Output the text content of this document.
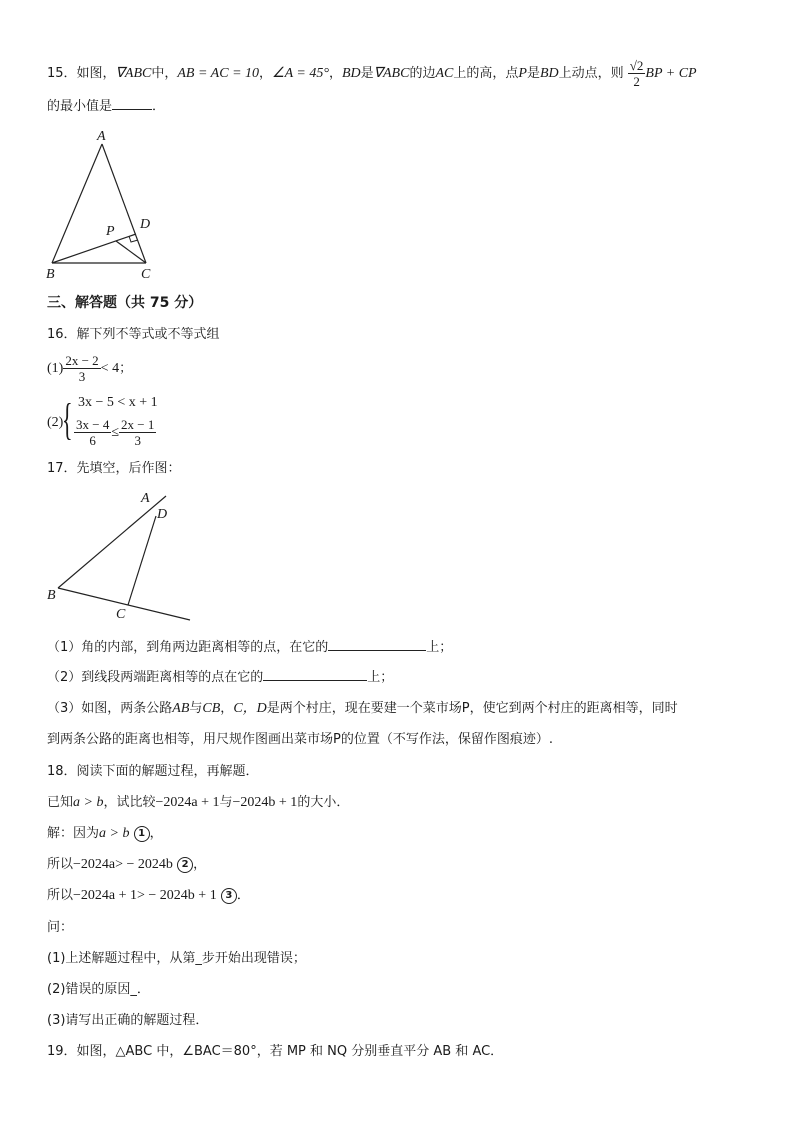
15．如图，∇ABC中，AB = AC = 10，∠A = 45°，BD是∇ABC的边AC上的高，点P是BD上动点，则 $\frac{√2}{2}$ BP + CP
的最小值是	．
A
D
P
B	C
三、解答题（共 75 分）
16．解下列不等式或不等式组
$(1) \frac{2x - 2}{3} < 4$；
(2)
{ 3x − 5 < x + 1
$\frac{3x - 4}{6} \le \frac{2x - 1}{3}$
17．先填空，后作图：
A
D
B
C
（1）角的内部，到角两边距离相等的点，在它的	上；
（2）到线段两端距离相等的点在它的	上；
（3）如图，两条公路AB与CB，C，D是两个村庄，现在要建一个菜市场P，使它到两个村庄的距离相等，同时
到两条公路的距离也相等，用尺规作图画出菜市场P的位置（不写作法，保留作图痕迹）.
18．阅读下面的解题过程，再解题．
已知a > b，试比较−2024a + 1与−2024b + 1的大小．
解：因为a > b 1 ，
所以−2024a> − 2024b 2 ，
所以−2024a + 1> − 2024b + 1 3 ．
问：
(1)上述解题过程中，从第_步开始出现错误；
(2)错误的原因_．
(3)请写出正确的解题过程．
19．如图，△ABC 中，∠BAC＝80°，若 MP 和 NQ 分别垂直平分 AB 和 AC．
